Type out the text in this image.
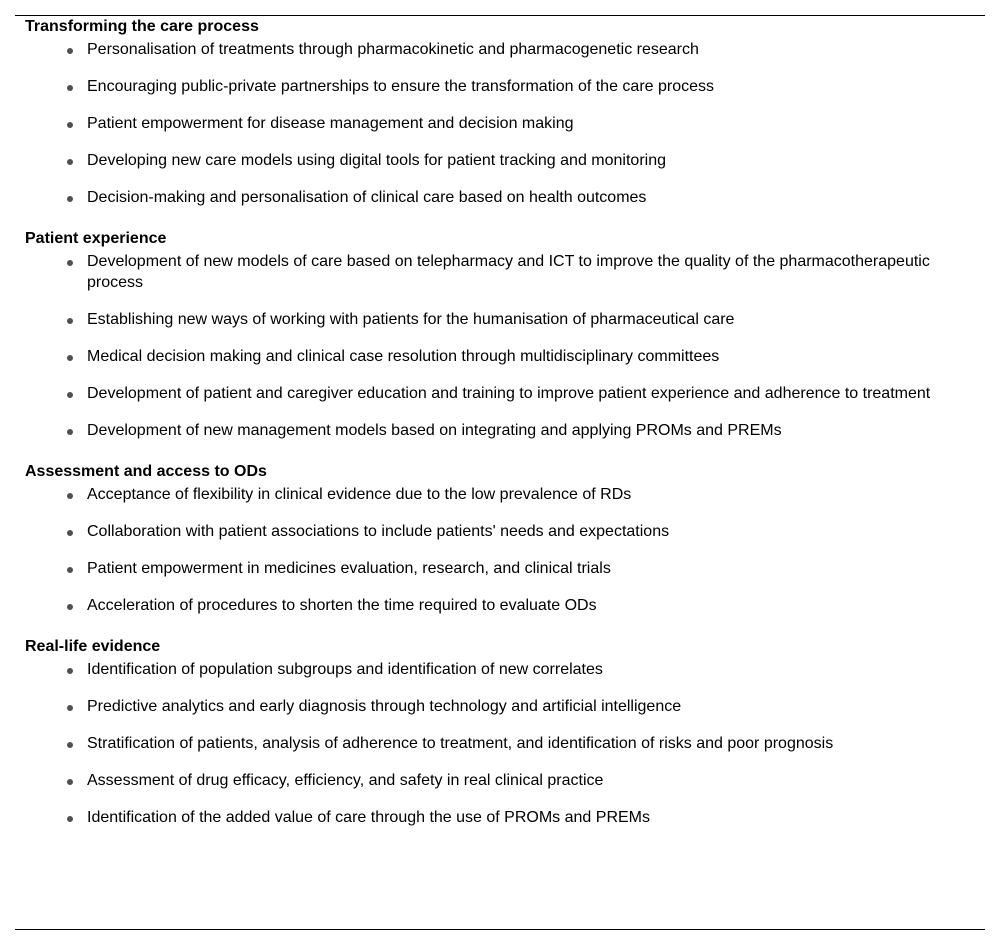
Transforming the care process

Personalisation of treatments through pharmacokinetic and pharmacogenetic research
Encouraging public-private partnerships to ensure the transformation of the care process
Patient empowerment for disease management and decision making
Developing new care models using digital tools for patient tracking and monitoring
Decision-making and personalisation of clinical care based on health outcomes

Patient experience

Development of new models of care based on telepharmacy and ICT to improve the quality of the pharmacotherapeutic process
Establishing new ways of working with patients for the humanisation of pharmaceutical care
Medical decision making and clinical case resolution through multidisciplinary committees
Development of patient and caregiver education and training to improve patient experience and adherence to treatment
Development of new management models based on integrating and applying PROMs and PREMs

Assessment and access to ODs

Acceptance of flexibility in clinical evidence due to the low prevalence of RDs
Collaboration with patient associations to include patients' needs and expectations
Patient empowerment in medicines evaluation, research, and clinical trials
Acceleration of procedures to shorten the time required to evaluate ODs

Real-life evidence

Identification of population subgroups and identification of new correlates
Predictive analytics and early diagnosis through technology and artificial intelligence
Stratification of patients, analysis of adherence to treatment, and identification of risks and poor prognosis
Assessment of drug efficacy, efficiency, and safety in real clinical practice
Identification of the added value of care through the use of PROMs and PREMs
